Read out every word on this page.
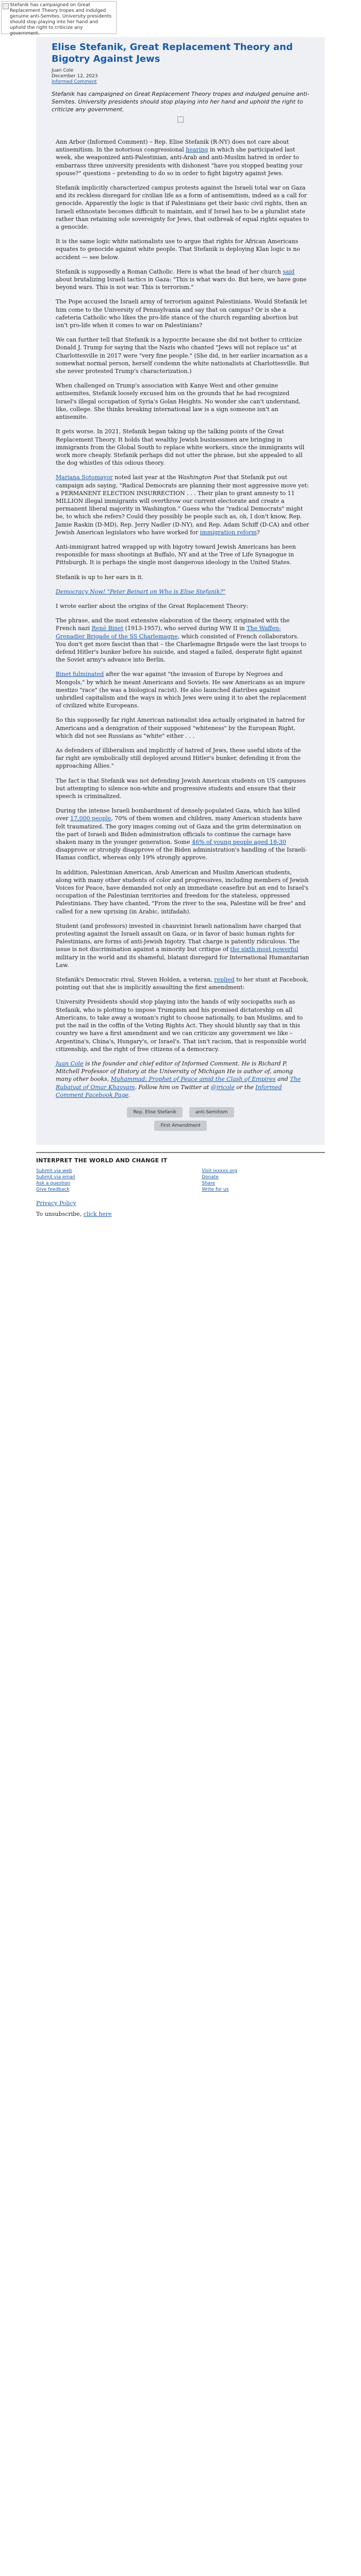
Stefanik has campaigned on Great Replacement Theory tropes and indulged genuine anti-Semites. University presidents should stop playing into her hand and uphold the right to criticize any government.
Elise Stefanik, Great Replacement Theory and Bigotry Against Jews
Juan Cole
December 12, 2023
Informed Comment

Stefanik has campaigned on Great Replacement Theory tropes and indulged genuine anti-Semites. University presidents should stop playing into her hand and uphold the right to criticize any government.

Ann Arbor (Informed Comment) – Rep. Elise Stefanik (R-NY) does not care about antisemitism. In the notorious congressional hearing in which she participated last week, she weaponized anti-Palestinian, anti-Arab and anti-Muslim hatred in order to embarrass three university presidents with dishonest "have you stopped beating your spouse?" questions – pretending to do so in order to fight bigotry against Jews.

Stefanik implicitly characterized campus protests against the Israeli total war on Gaza and its reckless disregard for civilian life as a form of antisemitism, indeed as a call for genocide. Apparently the logic is that if Palestinians get their basic civil rights, then an Israeli ethnostate becomes difficult to maintain, and if Israel has to be a pluralist state rather than retaining sole sovereignty for Jews, that outbreak of equal rights equates to a genocide.

It is the same logic white nationalists use to argue that rights for African Americans equates to genocide against white people. That Stefanik is deploying Klan logic is no accident — see below.

Stefanik is supposedly a Roman Catholic. Here is what the head of her church said about brutalizing Israeli tactics in Gaza: "This is what wars do. But here, we have gone beyond wars. This is not war. This is terrorism."

The Pope accused the Israeli army of terrorism against Palestinians. Would Stefanik let him come to the University of Pennsylvania and say that on campus? Or is she a cafeteria Catholic who likes the pro-life stance of the church regarding abortion but isn't pro-life when it comes to war on Palestinians?

We can further tell that Stefanik is a hypocrite because she did not bother to criticize Donald J. Trump for saying that the Nazis who chanted "Jews will not replace us" at Charlottesville in 2017 were "very fine people." (She did, in her earlier incarnation as a somewhat normal person, herself condemn the white nationalists at Charlottesville. But she never protested Trump's characterization.)

When challenged on Trump's association with Kanye West and other genuine antisemites, Stefanik loosely excused him on the grounds that he had recognized Israel's illegal occupation of Syria's Golan Heights. No wonder she can't understand, like, college. She thinks breaking international law is a sign someone isn't an antisemite.

It gets worse. In 2021, Stefanik began taking up the talking points of the Great Replacement Theory. It holds that wealthy Jewish businessmen are bringing in immigrants from the Global South to replace white workers, since the immigrants will work more cheaply. Stefanik perhaps did not utter the phrase, but she appealed to all the dog whistles of this odious theory.

Mariana Sotomayor noted last year at the Washington Post that Stefanik put out campaign ads saying, "Radical Democrats are planning their most aggressive move yet: a PERMANENT ELECTION INSURRECTION . . . Their plan to grant amnesty to 11 MILLION illegal immigrants will overthrow our current electorate and create a permanent liberal majority in Washington." Guess who the "radical Democrats" might be, to which she refers? Could they possibly be people such as, oh, I don't know, Rep. Jamie Raskin (D-MD), Rep. Jerry Nadler (D-NY), and Rep. Adam Schiff (D-CA) and other Jewish American legislators who have worked for immigration reform?

Anti-immigrant hatred wrapped up with bigotry toward Jewish Americans has been responsible for mass shootings at Buffalo, NY and at the Tree of Life Synagogue in Pittsburgh. It is perhaps the single most dangerous ideology in the United States.

Stefanik is up to her ears in it.

Democracy Now! "Peter Beinart on Who is Elise Stefanik?"

I wrote earlier about the origins of the Great Replacement Theory:

The phrase, and the most extensive elaboration of the theory, originated with the French nazi René Binet (1913-1957), who served during WW II in The Waffen-Grenadier Brigade of the SS Charlemagne, which consisted of French collaborators. You don't get more fascist than that – the Charlemagne Brigade were the last troops to defend Hitler's bunker before his suicide, and staged a failed, desperate fight against the Soviet army's advance into Berlin.

Binet fulminated after the war against "the invasion of Europe by Negroes and Mongols," by which he meant Americans and Soviets. He saw Americans as an impure mestizo "race" (he was a biological racist). He also launched diatribes against unbridled capitalism and the ways in which Jews were using it to abet the replacement of civilized white Europeans.

So this supposedly far right American nationalist idea actually originated in hatred for Americans and a denigration of their supposed "whiteness" by the European Right, which did not see Russians as "white" either . . .

As defenders of illiberalism and implicitly of hatred of Jews, these useful idiots of the far right are symbolically still deployed around Hitler's bunker, defending it from the approaching Allies."

The fact is that Stefanik was not defending Jewish American students on US campuses but attempting to silence non-white and progressive students and ensure that their speech is criminalized.

During the intense Israeli bombardment of densely-populated Gaza, which has killed over 17,000 people, 70% of them women and children, many American students have felt traumatized. The gory images coming out of Gaza and the grim determination on the part of Israeli and Biden administration officials to continue the carnage have shaken many in the younger generation. Some 46% of young people aged 18-30 disapprove or strongly disapprove of the Biden administration's handling of the Israeli-Hamas conflict, whereas only 19% strongly approve.

In addition, Palestinian American, Arab American and Muslim American students, along with many other students of color and progressives, including members of Jewish Voices for Peace, have demanded not only an immediate ceasefire but an end to Israel's occupation of the Palestinian territories and freedom for the stateless, oppressed Palestinians. They have chanted, "From the river to the sea, Palestine will be free" and called for a new uprising (in Arabic, intifadah).

Student (and professors) invested in chauvinist Israeli nationalism have charged that protesting against the Israeli assault on Gaza, or in favor of basic human rights for Palestinians, are forms of anti-Jewish bigotry. That charge is patently ridiculous. The issue is not discrimination against a minority but critique of the sixth most powerful military in the world and its shameful, blatant disregard for International Humanitarian Law.

Stefanik's Democratic rival, Steven Holden, a veteran, replied to her stunt at Facebook, pointing out that she is implicitly assaulting the first amendment:

University Presidents should stop playing into the hands of wily sociopaths such as Stefanik, who is plotting to impose Trumpism and his promised dictatorship on all Americans, to take away a woman's right to choose nationally, to ban Muslims, and to put the nail in the coffin of the Voting Rights Act. They should bluntly say that in this country we have a first amendment and we can criticize any government we like – Argentina's, China's, Hungary's, or Israel's. That isn't racism, that is responsible world citizenship, and the right of free citizens of a democracy.

Juan Cole is the founder and chief editor of Informed Comment. He is Richard P. Mitchell Professor of History at the University of Michigan He is author of, among many other books, Muhammad: Prophet of Peace amid the Clash of Empires and The Rubaiyat of Omar Khayyam. Follow him on Twitter at @jricole or the Informed Comment Facebook Page.

Rep. Elise Stefanik	anti-Semitism
First Amendment
INTERPRET THE WORLD AND CHANGE IT
Submit via web
Submit via email
Ask a question
Give feedback
Visit ixxxxx.org
Donate
Share
Write for us
Privacy Policy
To unsubscribe, click here
